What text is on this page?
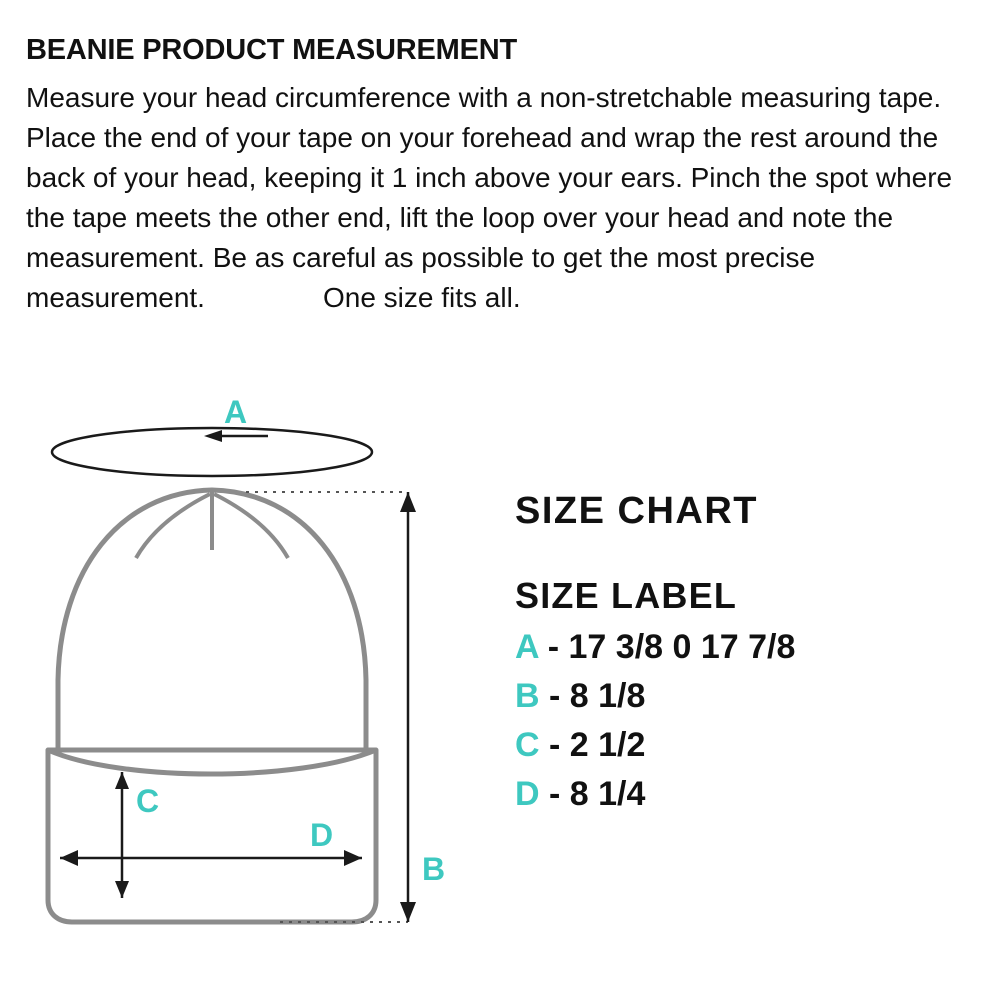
BEANIE PRODUCT MEASUREMENT
Measure your head circumference with a non-stretchable measuring tape. Place the end of your tape on your forehead and wrap the rest around the back of your head, keeping it 1 inch above your ears. Pinch the spot where the tape meets the other end, lift the loop over your head and note the measurement. Be as careful as possible to get the most precise measurement.	One size fits all.
A
B
C
D
SIZE CHART
SIZE LABEL
A - 17 3/8 0 17 7/8
B - 8 1/8
C - 2 1/2
D - 8 1/4
